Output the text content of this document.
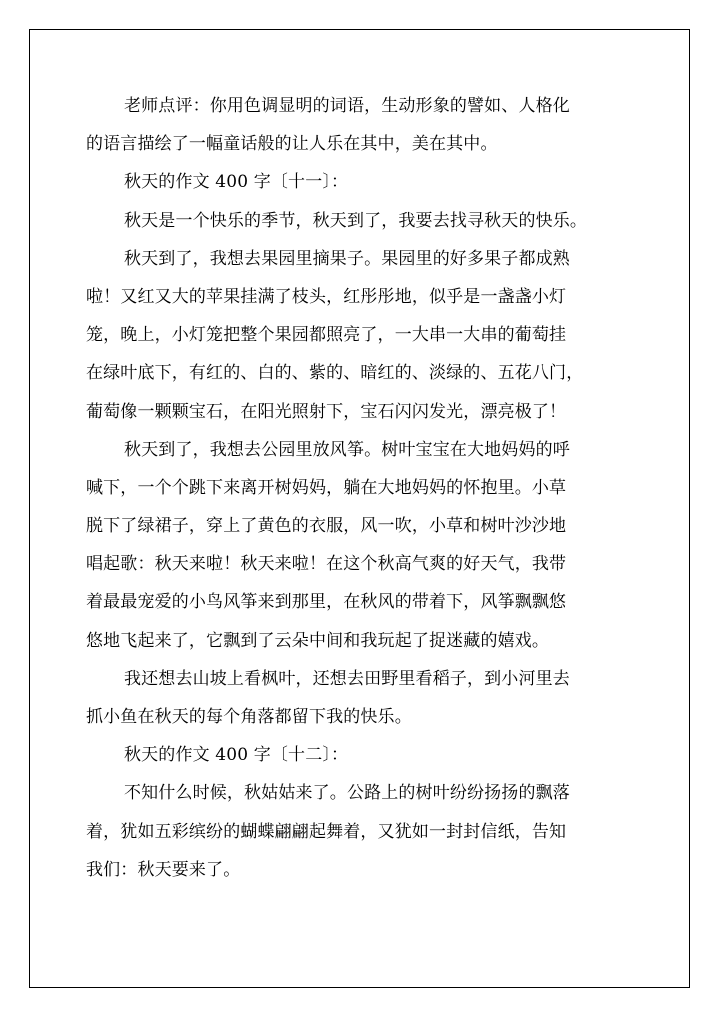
老师点评：你用色调显明的词语，生动形象的譬如、人格化
的语言描绘了一幅童话般的让人乐在其中，美在其中。
秋天的作文 400 字〔十一〕：
秋天是一个快乐的季节，秋天到了，我要去找寻秋天的快乐。
秋天到了，我想去果园里摘果子。果园里的好多果子都成熟
啦！又红又大的苹果挂满了枝头，红彤彤地，似乎是一盏盏小灯
笼，晚上，小灯笼把整个果园都照亮了，一大串一大串的葡萄挂
在绿叶底下，有红的、白的、紫的、暗红的、淡绿的、五花八门，
葡萄像一颗颗宝石，在阳光照射下，宝石闪闪发光，漂亮极了！
秋天到了，我想去公园里放风筝。树叶宝宝在大地妈妈的呼
喊下，一个个跳下来离开树妈妈，躺在大地妈妈的怀抱里。小草
脱下了绿裙子，穿上了黄色的衣服，风一吹，小草和树叶沙沙地
唱起歌：秋天来啦！秋天来啦！在这个秋高气爽的好天气，我带
着最最宠爱的小鸟风筝来到那里，在秋风的带着下，风筝飘飘悠
悠地飞起来了，它飘到了云朵中间和我玩起了捉迷藏的嬉戏。
我还想去山坡上看枫叶，还想去田野里看稻子，到小河里去
抓小鱼在秋天的每个角落都留下我的快乐。
秋天的作文 400 字〔十二〕：
不知什么时候，秋姑姑来了。公路上的树叶纷纷扬扬的飘落
着，犹如五彩缤纷的蝴蝶翩翩起舞着，又犹如一封封信纸，告知
我们：秋天要来了。
